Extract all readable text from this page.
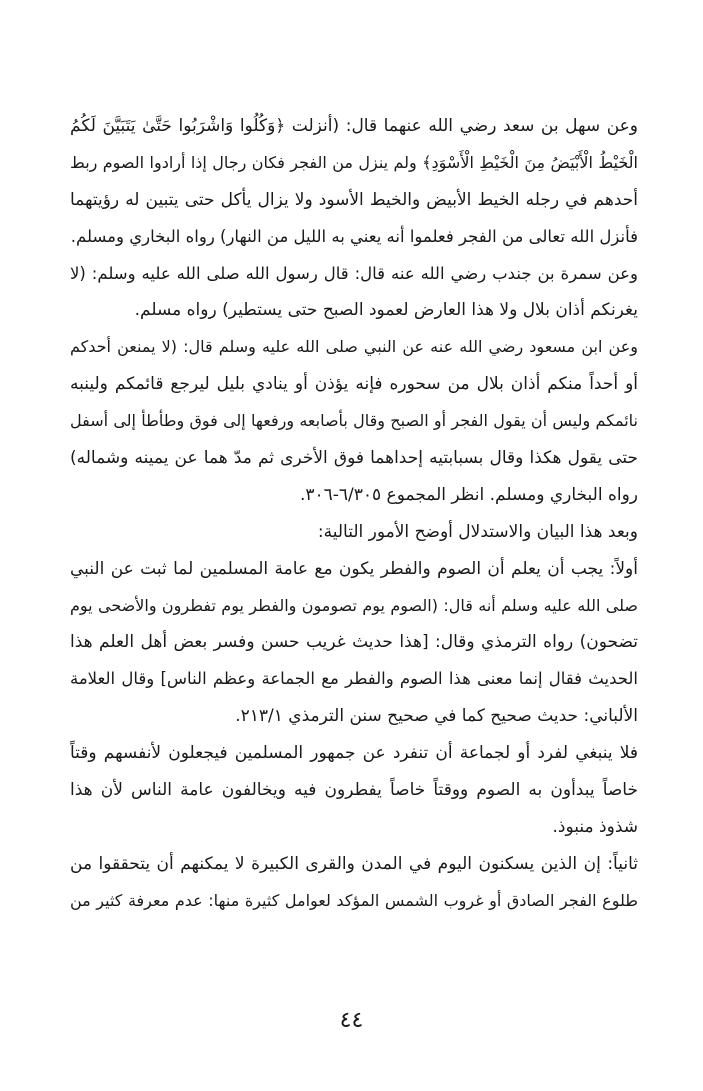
وعن سهل بن سعد رضي الله عنهما قال: (أنزلت ﴿وَكُلُوا وَاشْرَبُوا حَتَّىٰ يَتَبَيَّنَ لَكُمُ
الْخَيْطُ الْأَبْيَضُ مِنَ الْخَيْطِ الْأَسْوَدِ﴾ ولم ينزل من الفجر فكان رجال إذا أرادوا الصوم ربط
أحدهم في رجله الخيط الأبيض والخيط الأسود ولا يزال يأكل حتى يتبين له رؤيتهما
فأنزل الله تعالى من الفجر فعلموا أنه يعني به الليل من النهار) رواه البخاري ومسلم.
وعن سمرة بن جندب رضي الله عنه قال: قال رسول الله صلى الله عليه وسلم: (لا
يغرنكم أذان بلال ولا هذا العارض لعمود الصبح حتى يستطير) رواه مسلم.
وعن ابن مسعود رضي الله عنه عن النبي صلى الله عليه وسلم قال: (لا يمنعن أحدكم
أو أحداً منكم أذان بلال من سحوره فإنه يؤذن أو ينادي بليل ليرجع قائمكم ولينبه
نائمكم وليس أن يقول الفجر أو الصبح وقال بأصابعه ورفعها إلى فوق وطأطأ إلى أسفل
حتى يقول هكذا وقال بسبابتيه إحداهما فوق الأخرى ثم مدّ هما عن يمينه وشماله)
رواه البخاري ومسلم. انظر المجموع ٦/٣٠٥-٣٠٦.
وبعد هذا البيان والاستدلال أوضح الأمور التالية:
أولاً: يجب أن يعلم أن الصوم والفطر يكون مع عامة المسلمين لما ثبت عن النبي
صلى الله عليه وسلم أنه قال: (الصوم يوم تصومون والفطر يوم تفطرون والأضحى يوم
تضحون) رواه الترمذي وقال: [هذا حديث غريب حسن وفسر بعض أهل العلم هذا
الحديث فقال إنما معنى هذا الصوم والفطر مع الجماعة وعظم الناس] وقال العلامة
الألباني: حديث صحيح كما في صحيح سنن الترمذي ٢١٣/١.
فلا ينبغي لفرد أو لجماعة أن تنفرد عن جمهور المسلمين فيجعلون لأنفسهم وقتاً
خاصاً يبدأون به الصوم ووقتاً خاصاً يفطرون فيه ويخالفون عامة الناس لأن هذا
شذوذ منبوذ.
ثانياً: إن الذين يسكنون اليوم في المدن والقرى الكبيرة لا يمكنهم أن يتحققوا من
طلوع الفجر الصادق أو غروب الشمس المؤكد لعوامل كثيرة منها: عدم معرفة كثير من
٤٤
